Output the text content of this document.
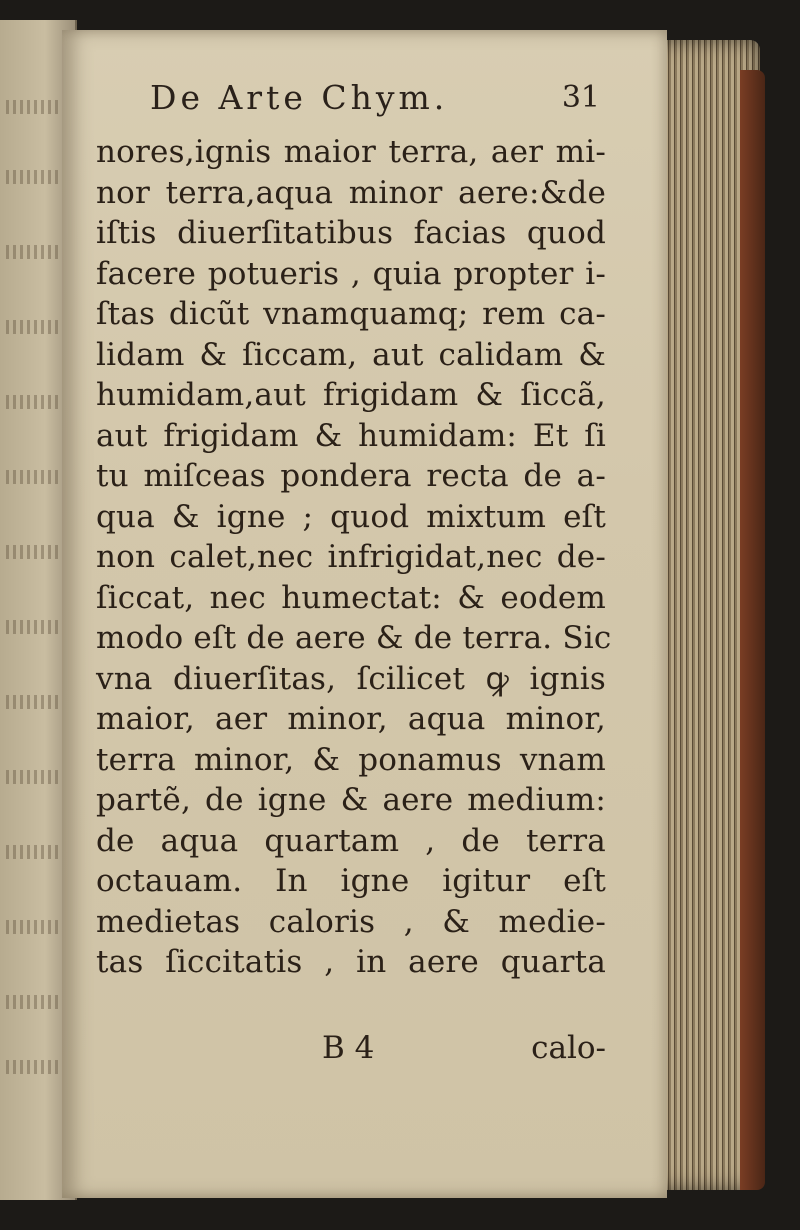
De Arte Chym.	31
nores,ignis maior terra, aer mi-
nor terra,aqua minor aere:&de
iſtis diuerſitatibus facias quod
facere potueris , quia propter i-
ſtas dicũt vnamquamq; rem ca-
lidam & ſiccam, aut calidam &
humidam,aut frigidam & ſiccã,
aut frigidam & humidam: Et ſi
tu miſceas pondera recta de a-
qua & igne ; quod mixtum eſt
non calet,nec infrigidat,nec de-
ſiccat, nec humectat: & eodem
modo eſt de aere & de terra. Sic
vna diuerſitas, ſcilicet ꝙ ignis
maior, aer minor, aqua minor,
terra minor, & ponamus vnam
partẽ, de igne & aere medium:
de aqua quartam , de terra
octauam. In igne igitur eſt
medietas caloris , & medie-
tas ſiccitatis , in aere quarta
B 4	calo-
